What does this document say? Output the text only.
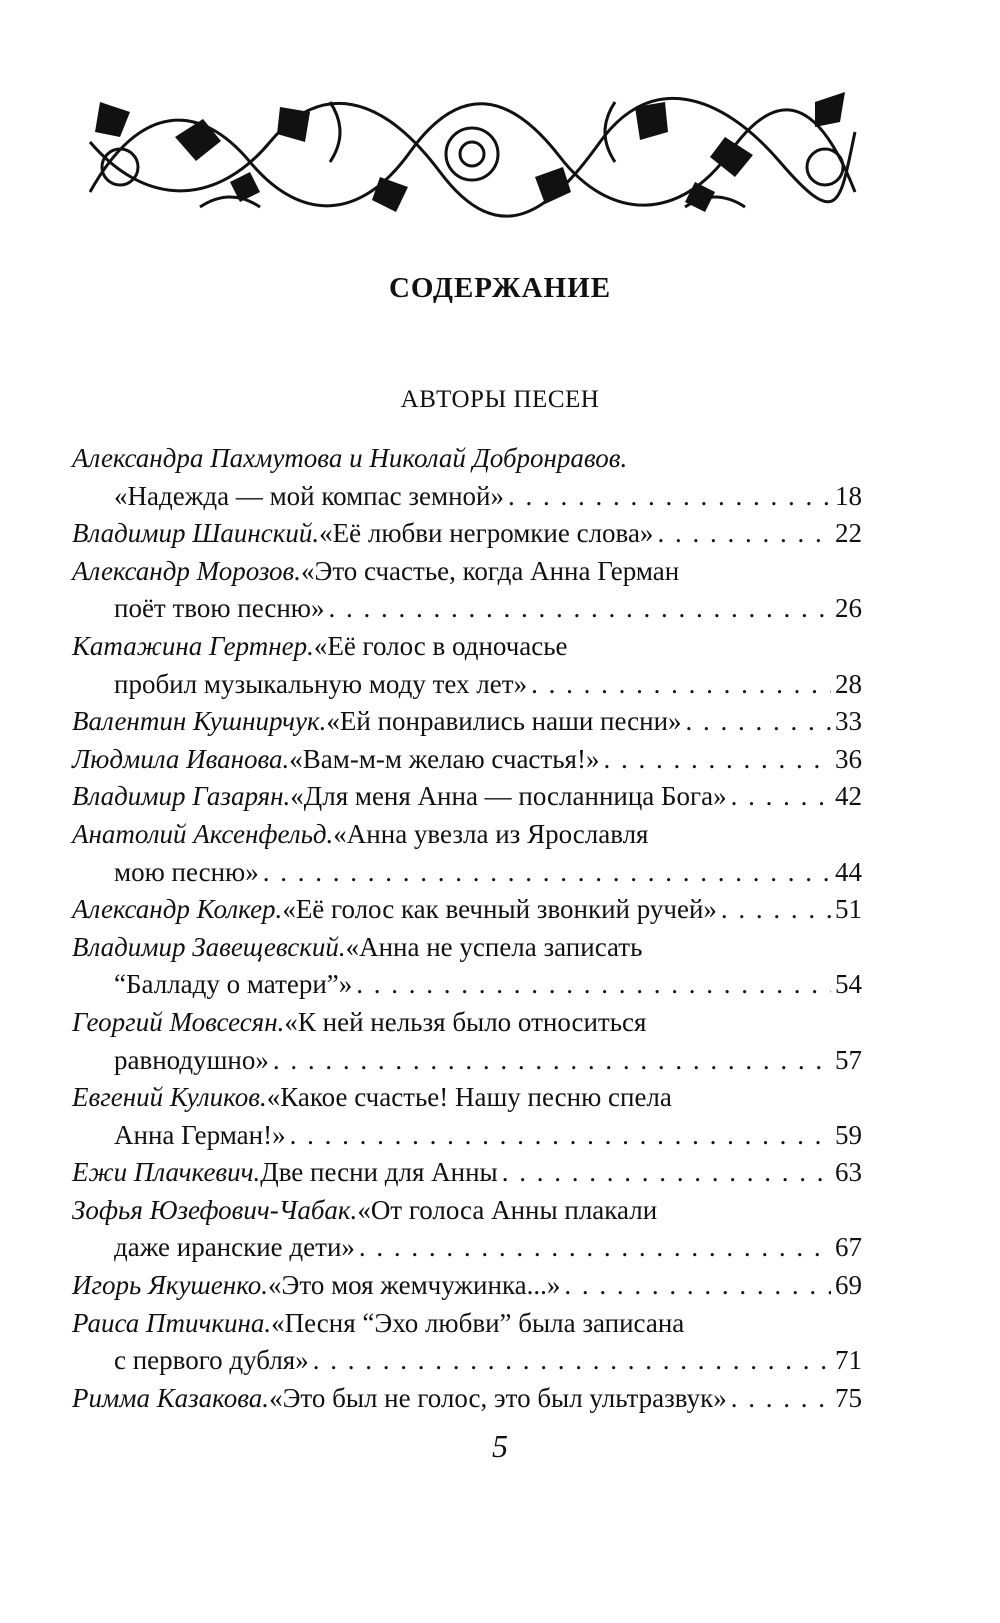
СОДЕРЖАНИЕ
АВТОРЫ ПЕСЕН
Александра Пахмутова и Николай Добронравов.
«Надежда — мой компас земной» . . .	18
Владимир Шаинский. «Её любви негромкие слова» . . .	22
Александр Морозов. «Это счастье, когда Анна Герман
поёт твою песню» . . .	26
Катажина Гертнер. «Её голос в одночасье
пробил музыкальную моду тех лет» . . .	28
Валентин Кушнирчук. «Ей понравились наши песни» . . .	33
Людмила Иванова. «Вам-м-м желаю счастья!» . . .	36
Владимир Газарян. «Для меня Анна — посланница Бога» . . .	42
Анатолий Аксенфельд. «Анна увезла из Ярославля
мою песню» . . .	44
Александр Колкер. «Её голос как вечный звонкий ручей» . . .	51
Владимир Завещевский. «Анна не успела записать
“Балладу о матери”» . . .	54
Георгий Мовсесян. «К ней нельзя было относиться
равнодушно» . . .	57
Евгений Куликов. «Какое счастье! Нашу песню спела
Анна Герман!» . . .	59
Ежи Плачкевич. Две песни для Анны . . .	63
Зофья Юзефович-Чабак. «От голоса Анны плакали
даже иранские дети» . . .	67
Игорь Якушенко. «Это моя жемчужинка...» . . .	69
Раиса Птичкина. «Песня “Эхо любви” была записана
с первого дубля» . . .	71
Римма Казакова. «Это был не голос, это был ультразвук» . . .	75
5
